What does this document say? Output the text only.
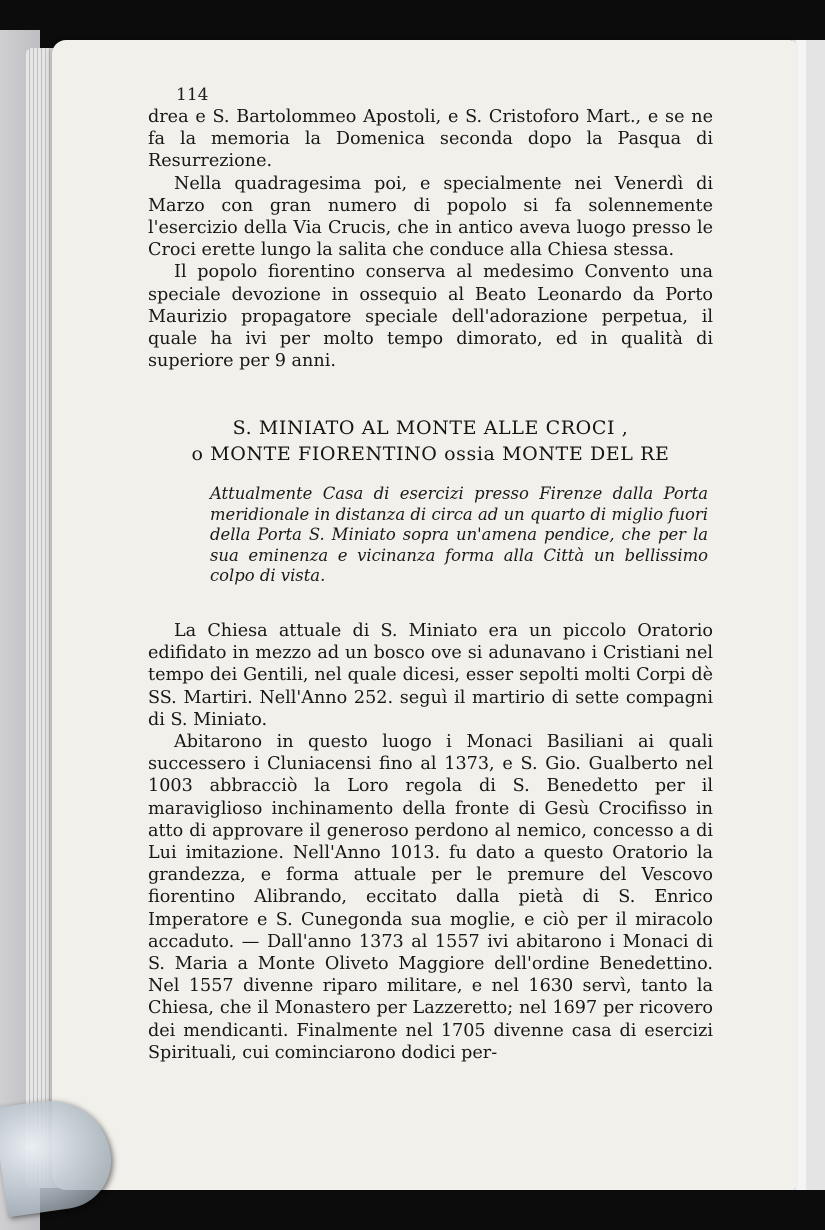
114

drea e S. Bartolommeo Apostoli, e S. Cristoforo Mart., e se ne fa la memoria la Domenica seconda dopo la Pasqua di Resurrezione.

Nella quadragesima poi, e specialmente nei Venerdì di Marzo con gran numero di popolo si fa solennemente l'esercizio della Via Crucis, che in antico aveva luogo presso le Croci erette lungo la salita che conduce alla Chiesa stessa.

Il popolo fiorentino conserva al medesimo Convento una speciale devozione in ossequio al Beato Leonardo da Porto Maurizio propagatore speciale dell'adorazione perpetua, il quale ha ivi per molto tempo dimorato, ed in qualità di superiore per 9 anni.

S. MINIATO AL MONTE ALLE CROCI ,
o MONTE FIORENTINO ossia MONTE DEL RE
Attualmente Casa di esercizi presso Firenze dalla Porta meridionale in distanza di circa ad un quarto di miglio fuori della Porta S. Miniato sopra un'amena pendice, che per la sua eminenza e vicinanza forma alla Città un bellissimo colpo di vista.

La Chiesa attuale di S. Miniato era un piccolo Oratorio edifidato in mezzo ad un bosco ove si adunavano i Cristiani nel tempo dei Gentili, nel quale dicesi, esser sepolti molti Corpi dè SS. Martiri. Nell'Anno 252. seguì il martirio di sette compagni di S. Miniato.

Abitarono in questo luogo i Monaci Basiliani ai quali successero i Cluniacensi fino al 1373, e S. Gio. Gualberto nel 1003 abbracciò la Loro regola di S. Benedetto per il maraviglioso inchinamento della fronte di Gesù Crocifisso in atto di approvare il generoso perdono al nemico, concesso a di Lui imitazione. Nell'Anno 1013. fu dato a questo Oratorio la grandezza, e forma attuale per le premure del Vescovo fiorentino Alibrando, eccitato dalla pietà di S. Enrico Imperatore e S. Cunegonda sua moglie, e ciò per il miracolo accaduto. — Dall'anno 1373 al 1557 ivi abitarono i Monaci di S. Maria a Monte Oliveto Maggiore dell'ordine Benedettino. Nel 1557 divenne riparo militare, e nel 1630 servì, tanto la Chiesa, che il Monastero per Lazzeretto; nel 1697 per ricovero dei mendicanti. Finalmente nel 1705 divenne casa di esercizi Spirituali, cui cominciarono dodici per-
